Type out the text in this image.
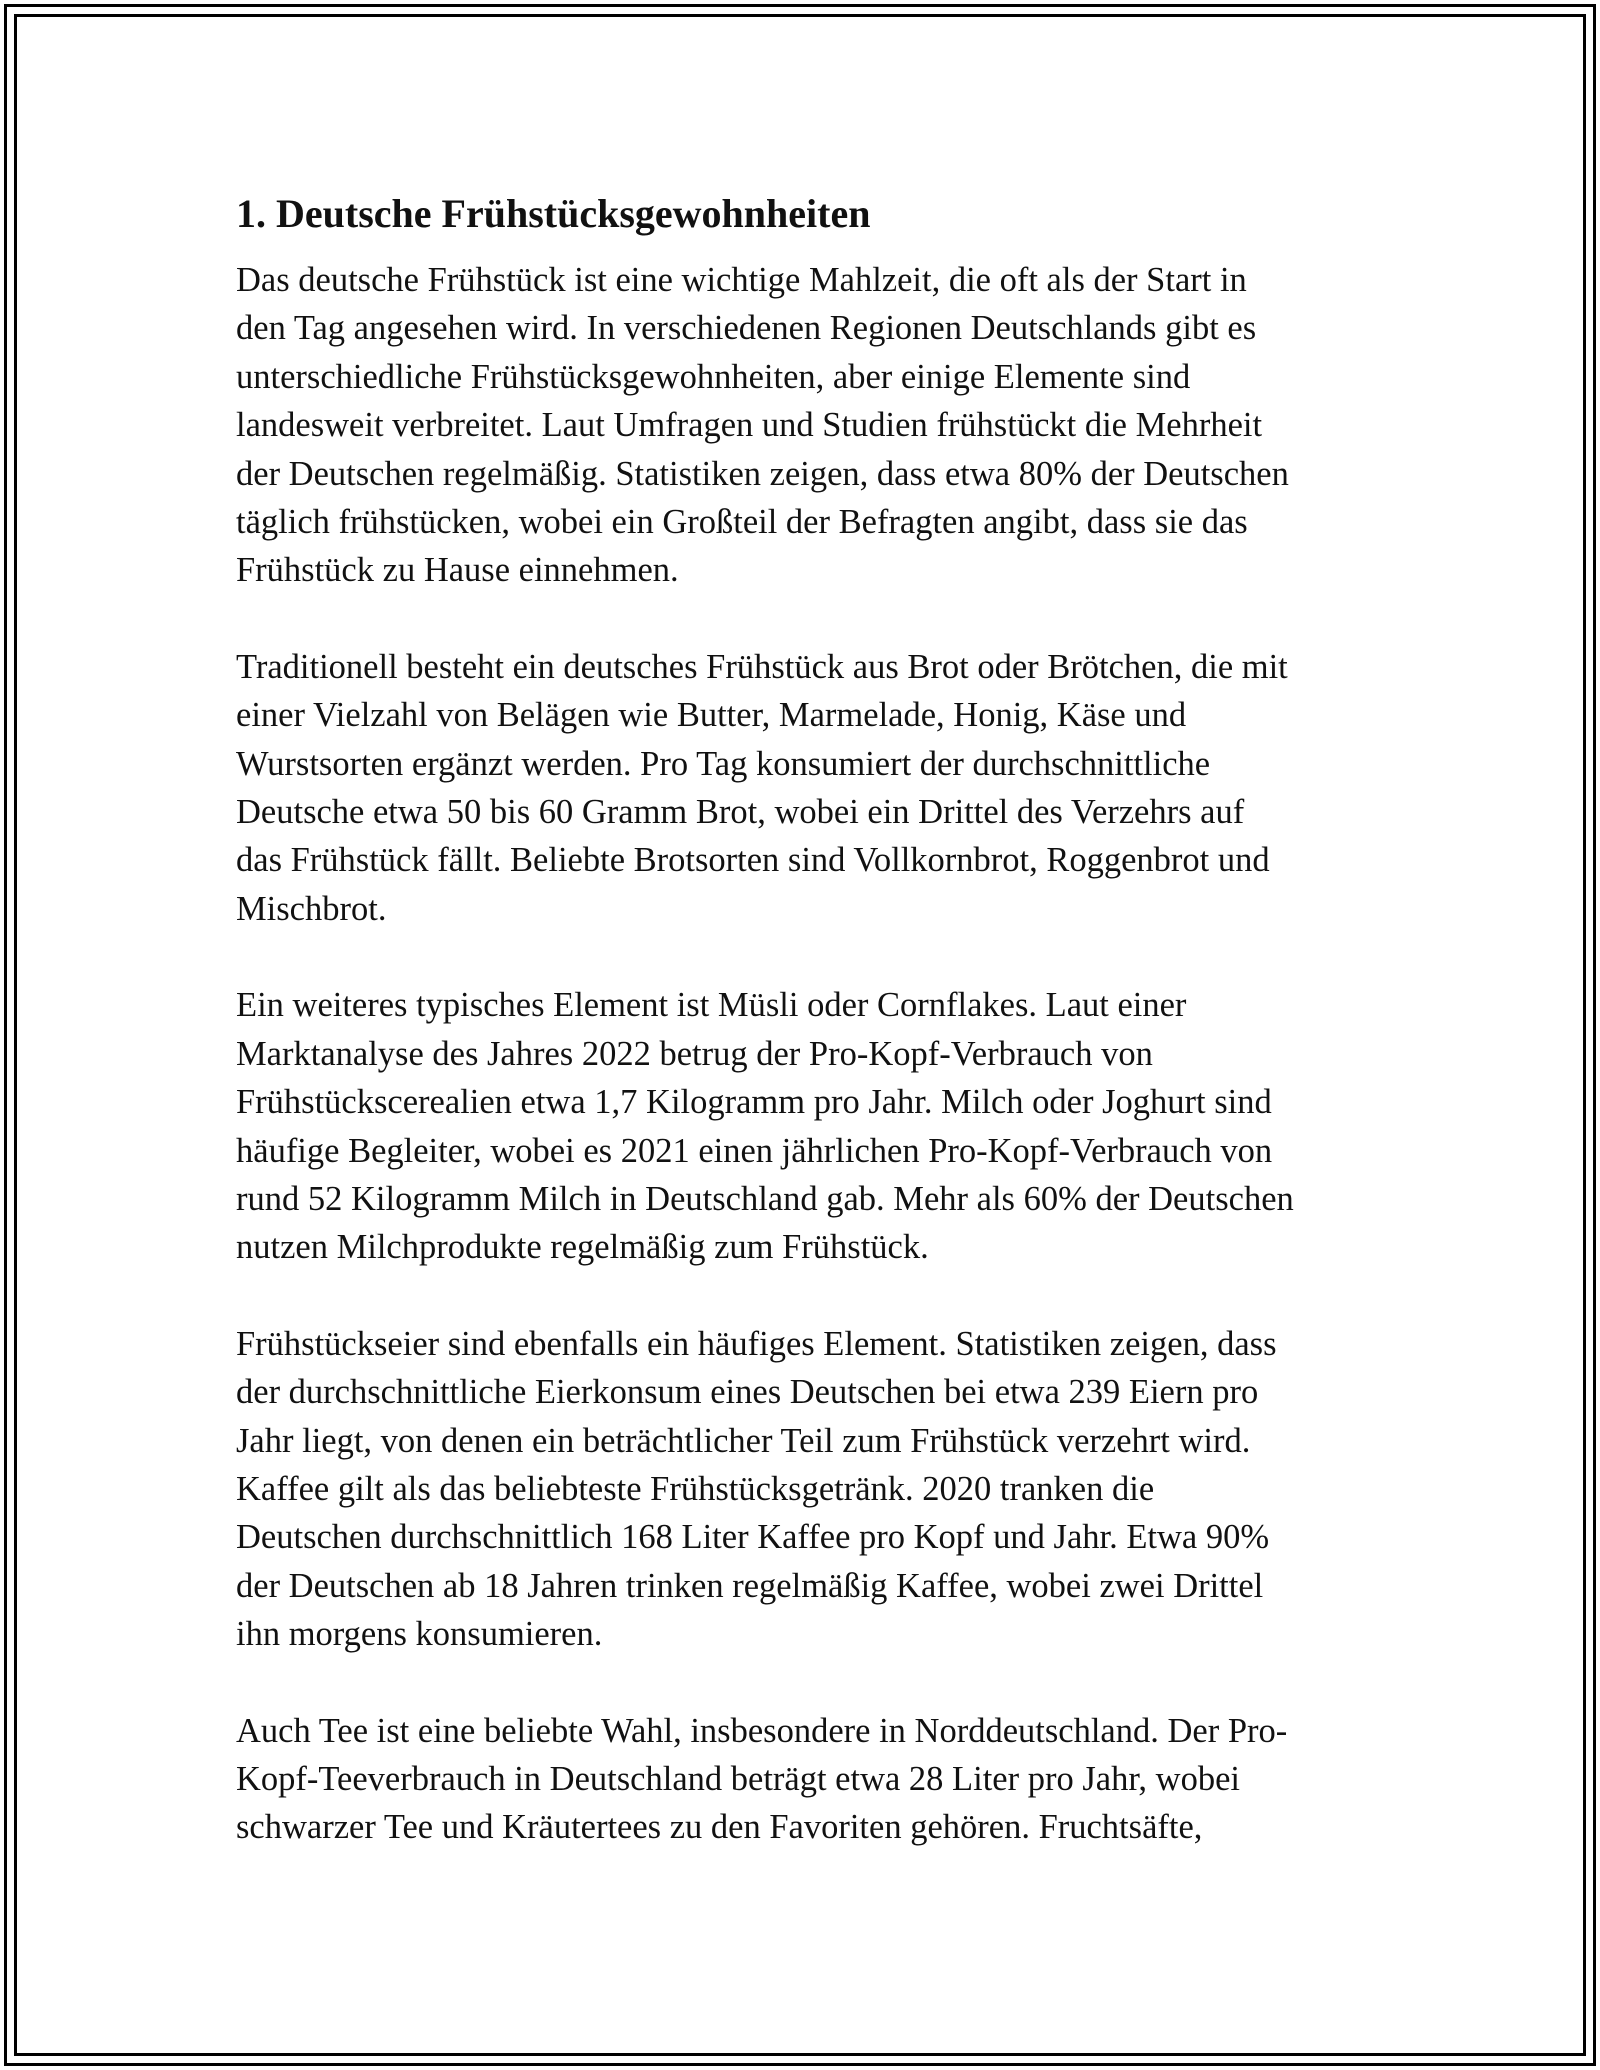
1. Deutsche Frühstücksgewohnheiten

Das deutsche Frühstück ist eine wichtige Mahlzeit, die oft als der Start in
den Tag angesehen wird. In verschiedenen Regionen Deutschlands gibt es
unterschiedliche Frühstücksgewohnheiten, aber einige Elemente sind
landesweit verbreitet. Laut Umfragen und Studien frühstückt die Mehrheit
der Deutschen regelmäßig. Statistiken zeigen, dass etwa 80% der Deutschen
täglich frühstücken, wobei ein Großteil der Befragten angibt, dass sie das
Frühstück zu Hause einnehmen.

Traditionell besteht ein deutsches Frühstück aus Brot oder Brötchen, die mit
einer Vielzahl von Belägen wie Butter, Marmelade, Honig, Käse und
Wurstsorten ergänzt werden. Pro Tag konsumiert der durchschnittliche
Deutsche etwa 50 bis 60 Gramm Brot, wobei ein Drittel des Verzehrs auf
das Frühstück fällt. Beliebte Brotsorten sind Vollkornbrot, Roggenbrot und
Mischbrot.

Ein weiteres typisches Element ist Müsli oder Cornflakes. Laut einer
Marktanalyse des Jahres 2022 betrug der Pro-Kopf-Verbrauch von
Frühstückscerealien etwa 1,7 Kilogramm pro Jahr. Milch oder Joghurt sind
häufige Begleiter, wobei es 2021 einen jährlichen Pro-Kopf-Verbrauch von
rund 52 Kilogramm Milch in Deutschland gab. Mehr als 60% der Deutschen
nutzen Milchprodukte regelmäßig zum Frühstück.

Frühstückseier sind ebenfalls ein häufiges Element. Statistiken zeigen, dass
der durchschnittliche Eierkonsum eines Deutschen bei etwa 239 Eiern pro
Jahr liegt, von denen ein beträchtlicher Teil zum Frühstück verzehrt wird.
Kaffee gilt als das beliebteste Frühstücksgetränk. 2020 tranken die
Deutschen durchschnittlich 168 Liter Kaffee pro Kopf und Jahr. Etwa 90%
der Deutschen ab 18 Jahren trinken regelmäßig Kaffee, wobei zwei Drittel
ihn morgens konsumieren.

Auch Tee ist eine beliebte Wahl, insbesondere in Norddeutschland. Der Pro-
Kopf-Teeverbrauch in Deutschland beträgt etwa 28 Liter pro Jahr, wobei
schwarzer Tee und Kräutertees zu den Favoriten gehören. Fruchtsäfte,
